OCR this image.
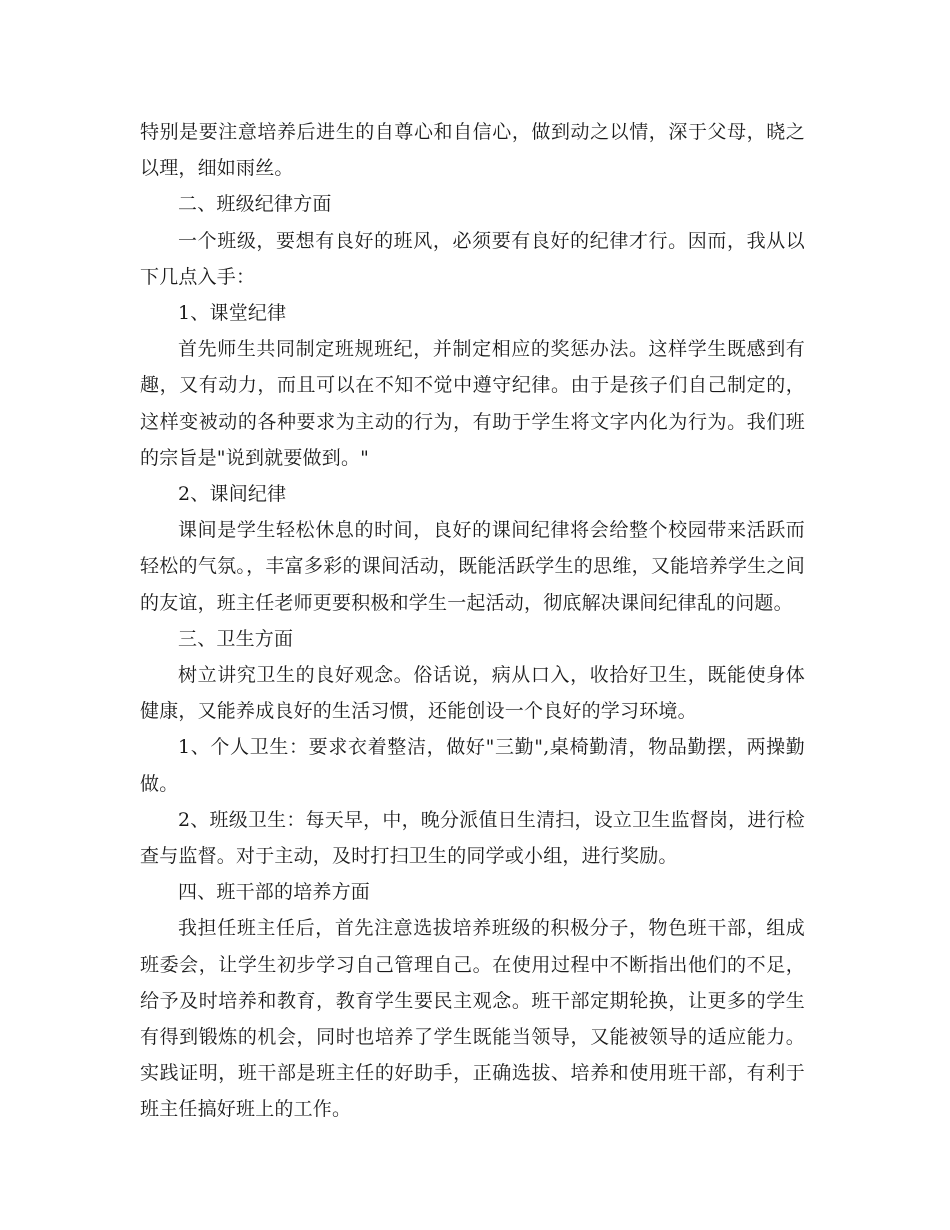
特别是要注意培养后进生的自尊心和自信心，做到动之以情，深于父母，晓之以理，细如雨丝。

二、班级纪律方面

一个班级，要想有良好的班风，必须要有良好的纪律才行。因而，我从以下几点入手：

1、课堂纪律

首先师生共同制定班规班纪，并制定相应的奖惩办法。这样学生既感到有趣，又有动力，而且可以在不知不觉中遵守纪律。由于是孩子们自己制定的，这样变被动的各种要求为主动的行为，有助于学生将文字内化为行为。我们班的宗旨是"说到就要做到。"

2、课间纪律

课间是学生轻松休息的时间，良好的课间纪律将会给整个校园带来活跃而轻松的气氛。，丰富多彩的课间活动，既能活跃学生的思维，又能培养学生之间的友谊，班主任老师更要积极和学生一起活动，彻底解决课间纪律乱的问题。

三、卫生方面

树立讲究卫生的良好观念。俗话说，病从口入，收拾好卫生，既能使身体健康，又能养成良好的生活习惯，还能创设一个良好的学习环境。

1、个人卫生：要求衣着整洁，做好"三勤",桌椅勤清，物品勤摆，两操勤做。

2、班级卫生：每天早，中，晚分派值日生清扫，设立卫生监督岗，进行检查与监督。对于主动，及时打扫卫生的同学或小组，进行奖励。

四、班干部的培养方面

我担任班主任后，首先注意选拔培养班级的积极分子，物色班干部，组成班委会，让学生初步学习自己管理自己。在使用过程中不断指出他们的不足，给予及时培养和教育，教育学生要民主观念。班干部定期轮换，让更多的学生有得到锻炼的机会，同时也培养了学生既能当领导，又能被领导的适应能力。实践证明，班干部是班主任的好助手，正确选拔、培养和使用班干部，有利于班主任搞好班上的工作。
